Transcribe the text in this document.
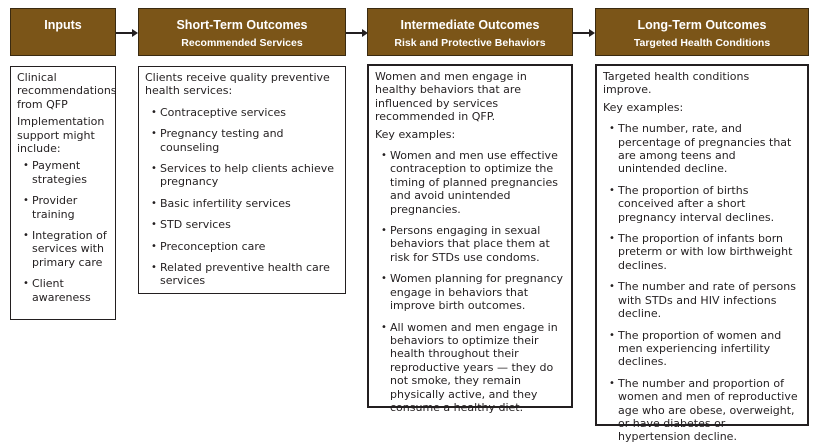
Inputs	Short-Term Outcomes
Recommended Services
Intermediate Outcomes
Risk and Protective Behaviors
Long-Term Outcomes
Targeted Health Conditions

Clinical recommendations from QFP

Implementation support might include:

• Payment strategies
• Provider training
• Integration of services with primary care
• Client awareness

Clients receive quality preventive health services:

• Contraceptive services
• Pregnancy testing and counseling
• Services to help clients achieve pregnancy
• Basic infertility services
• STD services
• Preconception care
• Related preventive health care services

Women and men engage in healthy behaviors that are influenced by services recommended in QFP.

Key examples:

• Women and men use effective contraception to optimize the timing of planned pregnancies and avoid unintended pregnancies.
• Persons engaging in sexual behaviors that place them at risk for STDs use condoms.
• Women planning for pregnancy engage in behaviors that improve birth outcomes.
• All women and men engage in behaviors to optimize their health throughout their reproductive years — they do not smoke, they remain physically active, and they consume a healthy diet.

Targeted health conditions improve.

Key examples:

• The number, rate, and percentage of pregnancies that are among teens and unintended decline.
• The proportion of births conceived after a short pregnancy interval declines.
• The proportion of infants born preterm or with low birthweight declines.
• The number and rate of persons with STDs and HIV infections decline.
• The proportion of women and men experiencing infertility declines.
• The number and proportion of women and men of reproductive age who are obese, overweight, or have diabetes or hypertension decline.
